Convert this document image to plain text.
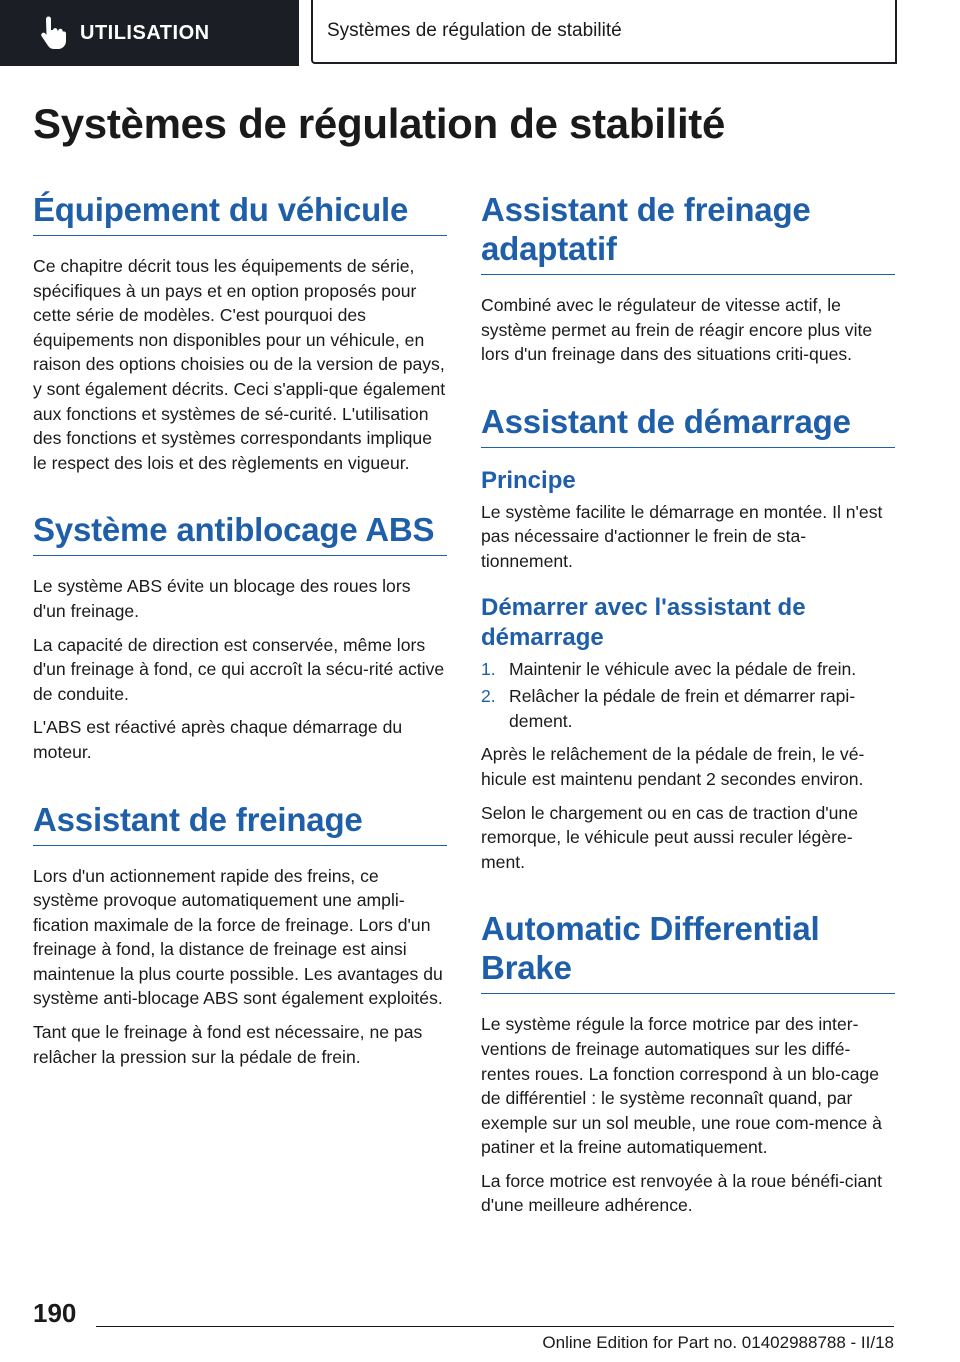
UTILISATION	Systèmes de régulation de stabilité
Systèmes de régulation de stabilité
Équipement du véhicule

Ce chapitre décrit tous les équipements de série, spécifiques à un pays et en option proposés pour cette série de modèles. C'est pourquoi des équipements non disponibles pour un véhicule, en raison des options choisies ou de la version de pays, y sont également décrits. Ceci s'appli‐que également aux fonctions et systèmes de sé‐curité. L'utilisation des fonctions et systèmes correspondants implique le respect des lois et des règlements en vigueur.

Système antiblocage ABS

Le système ABS évite un blocage des roues lors d'un freinage.

La capacité de direction est conservée, même lors d'un freinage à fond, ce qui accroît la sécu‐rité active de conduite.

L'ABS est réactivé après chaque démarrage du moteur.

Assistant de freinage

Lors d'un actionnement rapide des freins, ce système provoque automatiquement une ampli‐fication maximale de la force de freinage. Lors d'un freinage à fond, la distance de freinage est ainsi maintenue la plus courte possible. Les avantages du système anti-blocage ABS sont également exploités.

Tant que le freinage à fond est nécessaire, ne pas relâcher la pression sur la pédale de frein.

Assistant de freinage adaptatif

Combiné avec le régulateur de vitesse actif, le système permet au frein de réagir encore plus vite lors d'un freinage dans des situations criti‐ques.

Assistant de démarrage
Principe

Le système facilite le démarrage en montée. Il n'est pas nécessaire d'actionner le frein de sta‐tionnement.

Démarrer avec l'assistant de démarrage
1. Maintenir le véhicule avec la pédale de frein.
2. Relâcher la pédale de frein et démarrer rapi‐dement.

Après le relâchement de la pédale de frein, le vé‐hicule est maintenu pendant 2 secondes environ.

Selon le chargement ou en cas de traction d'une remorque, le véhicule peut aussi reculer légère‐ment.

Automatic Differential Brake

Le système régule la force motrice par des inter‐ventions de freinage automatiques sur les diffé‐rentes roues. La fonction correspond à un blo‐cage de différentiel : le système reconnaît quand, par exemple sur un sol meuble, une roue com‐mence à patiner et la freine automatiquement.

La force motrice est renvoyée à la roue bénéfi‐ciant d'une meilleure adhérence.

190
Online Edition for Part no. 01402988788 - II/18
